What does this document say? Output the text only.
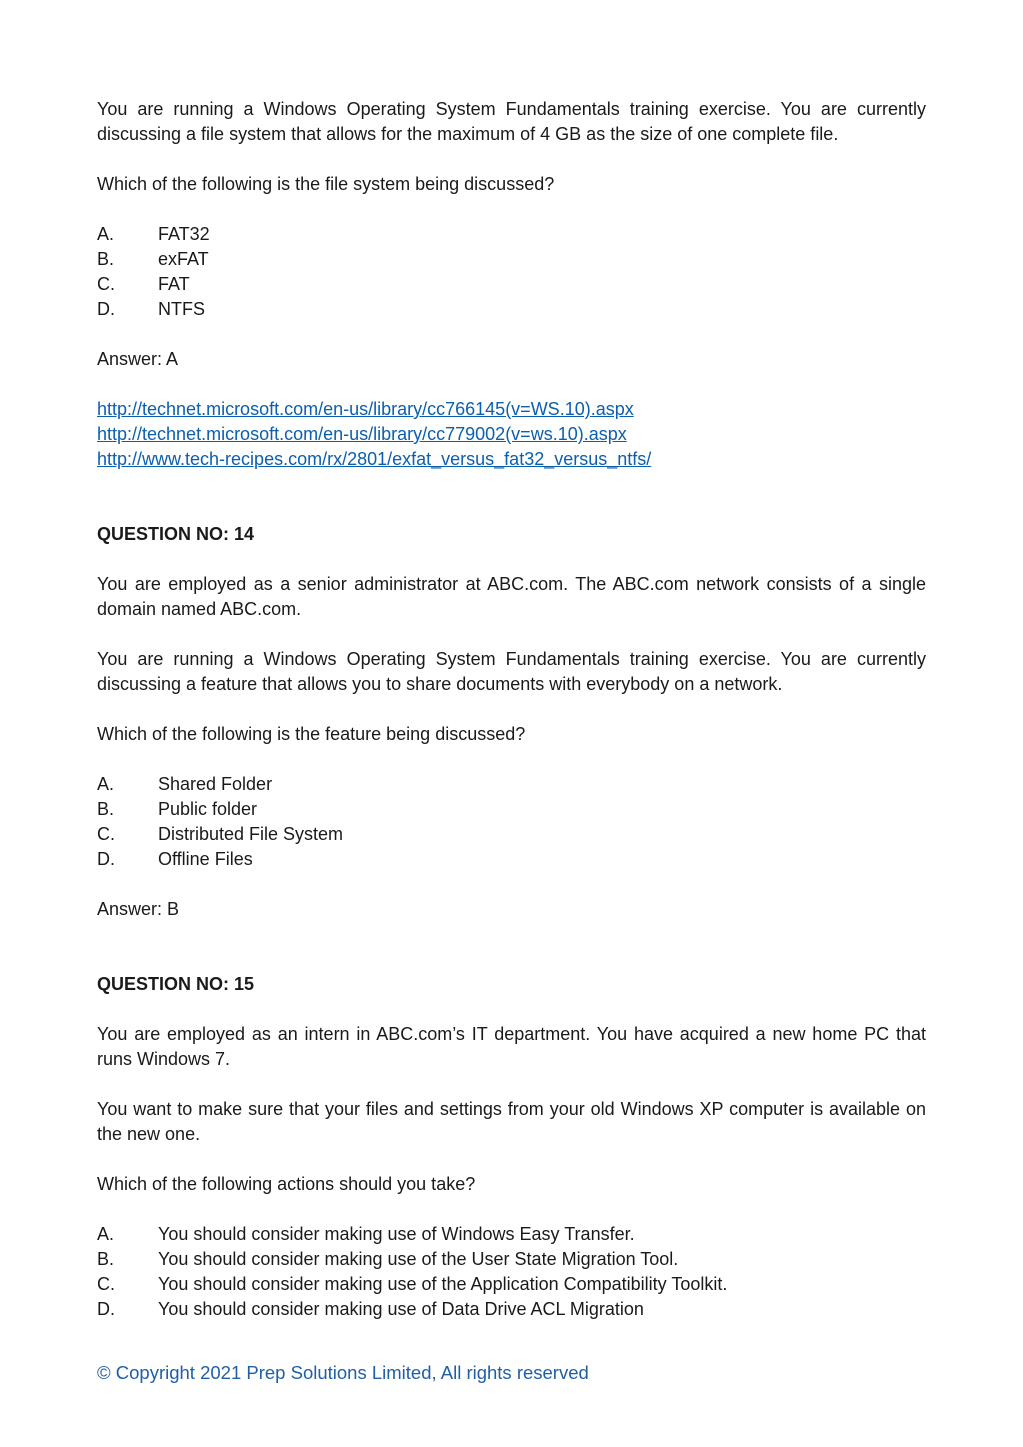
You are running a Windows Operating System Fundamentals training exercise. You are currently discussing a file system that allows for the maximum of 4 GB as the size of one complete file.

Which of the following is the file system being discussed?

A.	FAT32
B.	exFAT
C.	FAT
D.	NTFS

Answer: A

http://technet.microsoft.com/en-us/library/cc766145(v=WS.10).aspx
http://technet.microsoft.com/en-us/library/cc779002(v=ws.10).aspx
http://www.tech-recipes.com/rx/2801/exfat_versus_fat32_versus_ntfs/

QUESTION NO: 14

You are employed as a senior administrator at ABC.com. The ABC.com network consists of a single domain named ABC.com.

You are running a Windows Operating System Fundamentals training exercise. You are currently discussing a feature that allows you to share documents with everybody on a network.

Which of the following is the feature being discussed?

A.	Shared Folder
B.	Public folder
C.	Distributed File System
D.	Offline Files

Answer: B

QUESTION NO: 15

You are employed as an intern in ABC.com’s IT department. You have acquired a new home PC that runs Windows 7.

You want to make sure that your files and settings from your old Windows XP computer is available on the new one.

Which of the following actions should you take?

A.	You should consider making use of Windows Easy Transfer.
B.	You should consider making use of the User State Migration Tool.
C.	You should consider making use of the Application Compatibility Toolkit.
D.	You should consider making use of Data Drive ACL Migration
© Copyright 2021 Prep Solutions Limited, All rights reserved
